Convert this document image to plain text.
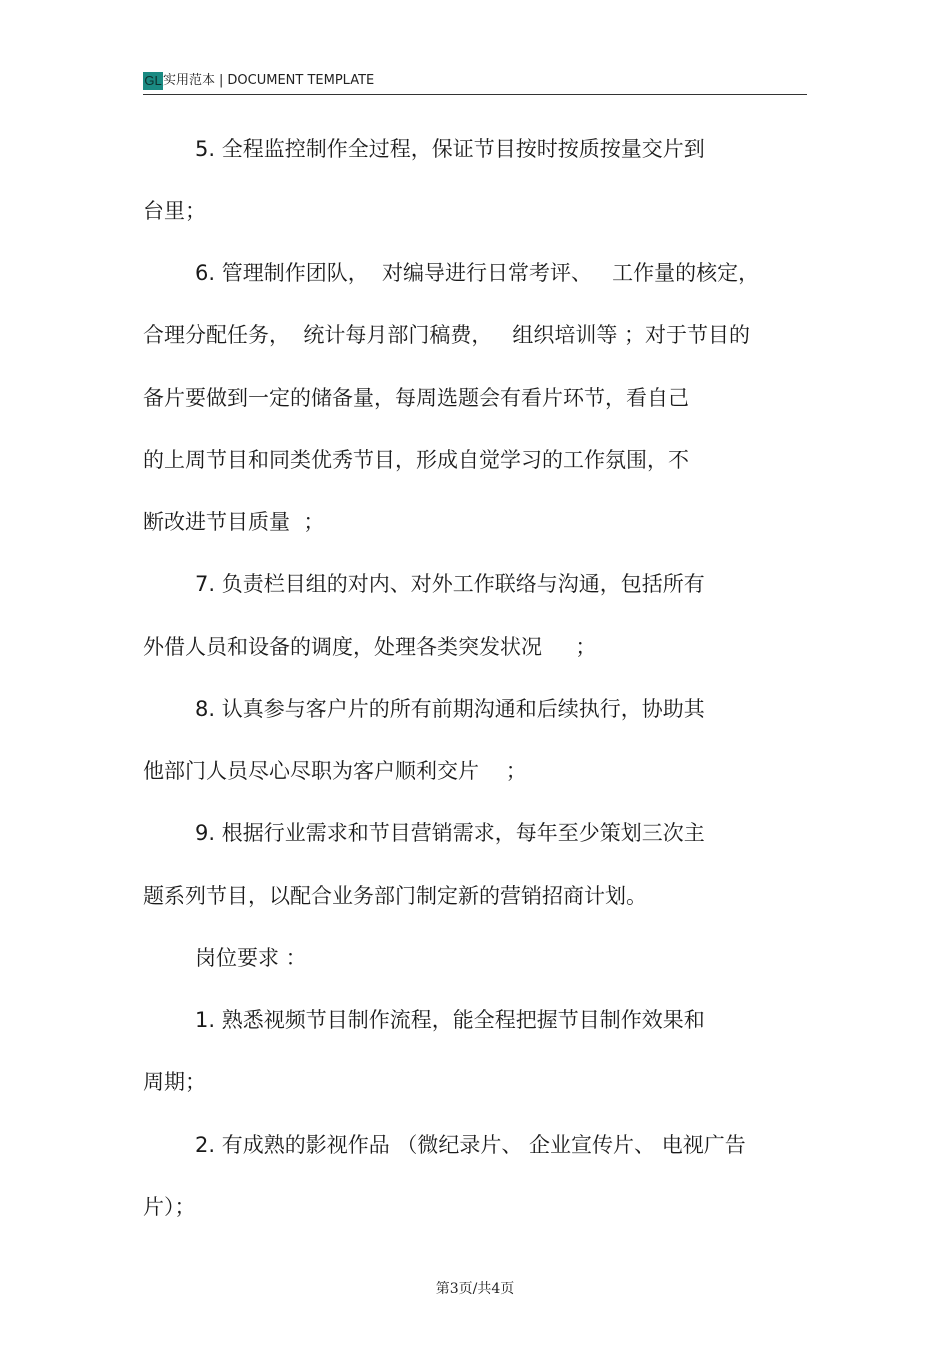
GL 实用范本 | DOCUMENT TEMPLATE
5. 全程监控制作全过程，保证节目按时按质按量交片到
台里；
6. 管理制作团队，  对编导进行日常考评、   工作量的核定，
合理分配任务，  统计每月部门稿费，   组织培训等 ；对于节目的
备片要做到一定的储备量，每周选题会有看片环节，看自己
的上周节目和同类优秀节目，形成自觉学习的工作氛围，不
断改进节目质量  ；
7. 负责栏目组的对内、对外工作联络与沟通，包括所有
外借人员和设备的调度，处理各类突发状况     ；
8. 认真参与客户片的所有前期沟通和后续执行，协助其
他部门人员尽心尽职为客户顺利交片    ；
9. 根据行业需求和节目营销需求，每年至少策划三次主
题系列节目，以配合业务部门制定新的营销招商计划。
岗位要求 ：
1. 熟悉视频节目制作流程，能全程把握节目制作效果和
周期；
2. 有成熟的影视作品 （微纪录片、 企业宣传片、 电视广告
片）；
第3页/共4页
